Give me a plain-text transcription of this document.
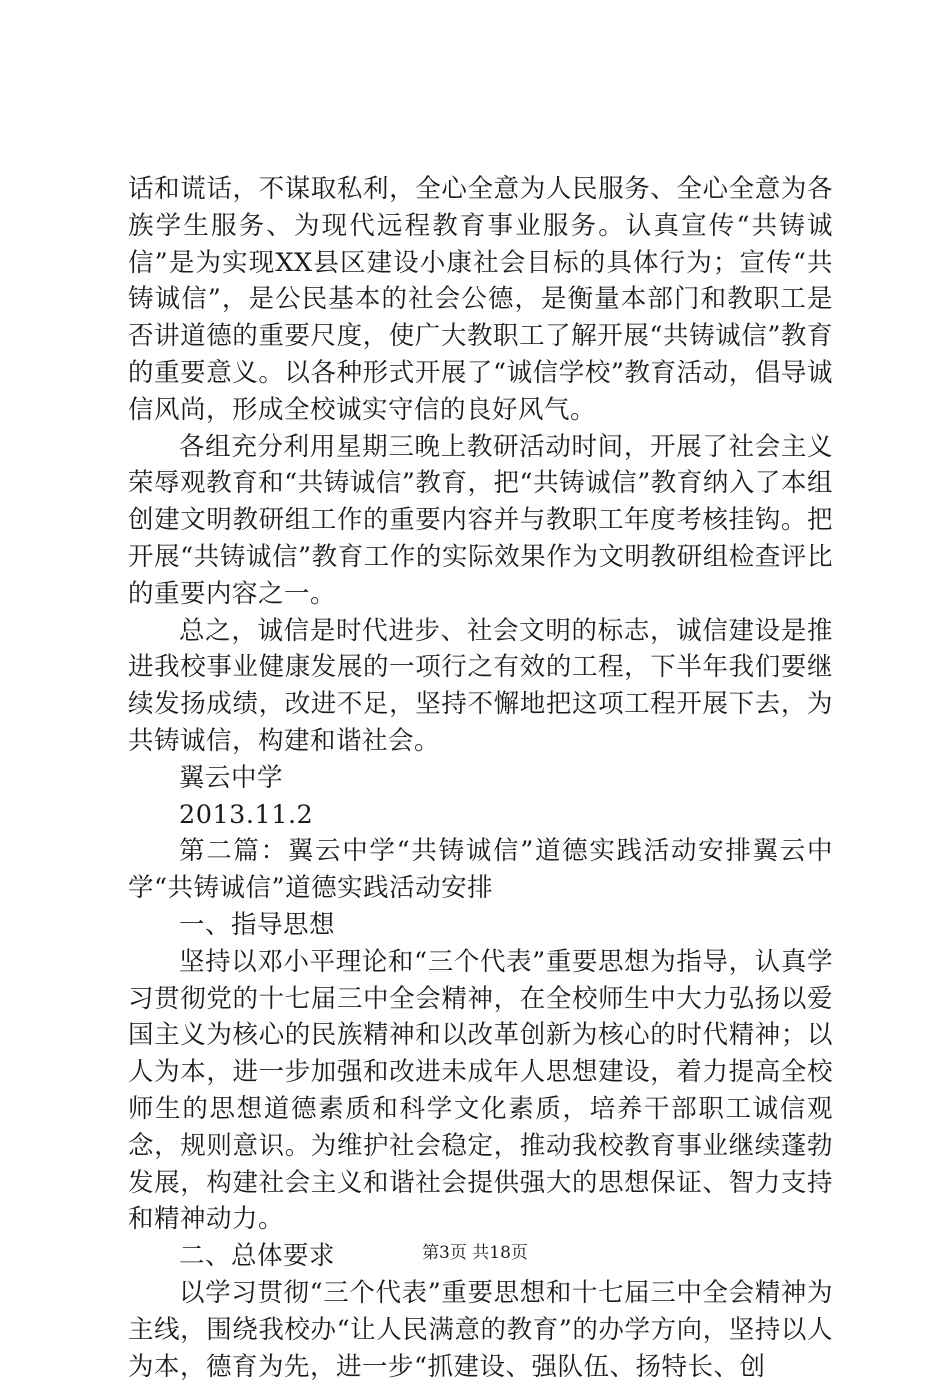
话和谎话，不谋取私利，全心全意为人民服务、全心全意为各族学生服务、为现代远程教育事业服务。认真宣传“共铸诚信”是为实现XX县区建设小康社会目标的具体行为；宣传“共铸诚信”，是公民基本的社会公德，是衡量本部门和教职工是否讲道德的重要尺度，使广大教职工了解开展“共铸诚信”教育的重要意义。以各种形式开展了“诚信学校”教育活动，倡导诚信风尚，形成全校诚实守信的良好风气。

各组充分利用星期三晚上教研活动时间，开展了社会主义荣辱观教育和“共铸诚信”教育，把“共铸诚信”教育纳入了本组创建文明教研组工作的重要内容并与教职工年度考核挂钩。把开展“共铸诚信”教育工作的实际效果作为文明教研组检查评比的重要内容之一。

总之，诚信是时代进步、社会文明的标志，诚信建设是推进我校事业健康发展的一项行之有效的工程，下半年我们要继续发扬成绩，改进不足，坚持不懈地把这项工程开展下去，为共铸诚信，构建和谐社会。

翼云中学

2013.11.2

第二篇：翼云中学“共铸诚信”道德实践活动安排翼云中学“共铸诚信”道德实践活动安排

一、指导思想

坚持以邓小平理论和“三个代表”重要思想为指导，认真学习贯彻党的十七届三中全会精神，在全校师生中大力弘扬以爱国主义为核心的民族精神和以改革创新为核心的时代精神；以人为本，进一步加强和改进未成年人思想建设，着力提高全校师生的思想道德素质和科学文化素质，培养干部职工诚信观念，规则意识。为维护社会稳定，推动我校教育事业继续蓬勃发展，构建社会主义和谐社会提供强大的思想保证、智力支持和精神动力。

二、总体要求

以学习贯彻“三个代表”重要思想和十七届三中全会精神为主线，围绕我校办“让人民满意的教育”的办学方向，坚持以人为本，德育为先，进一步“抓建设、强队伍、扬特长、创

第3页 共18页
